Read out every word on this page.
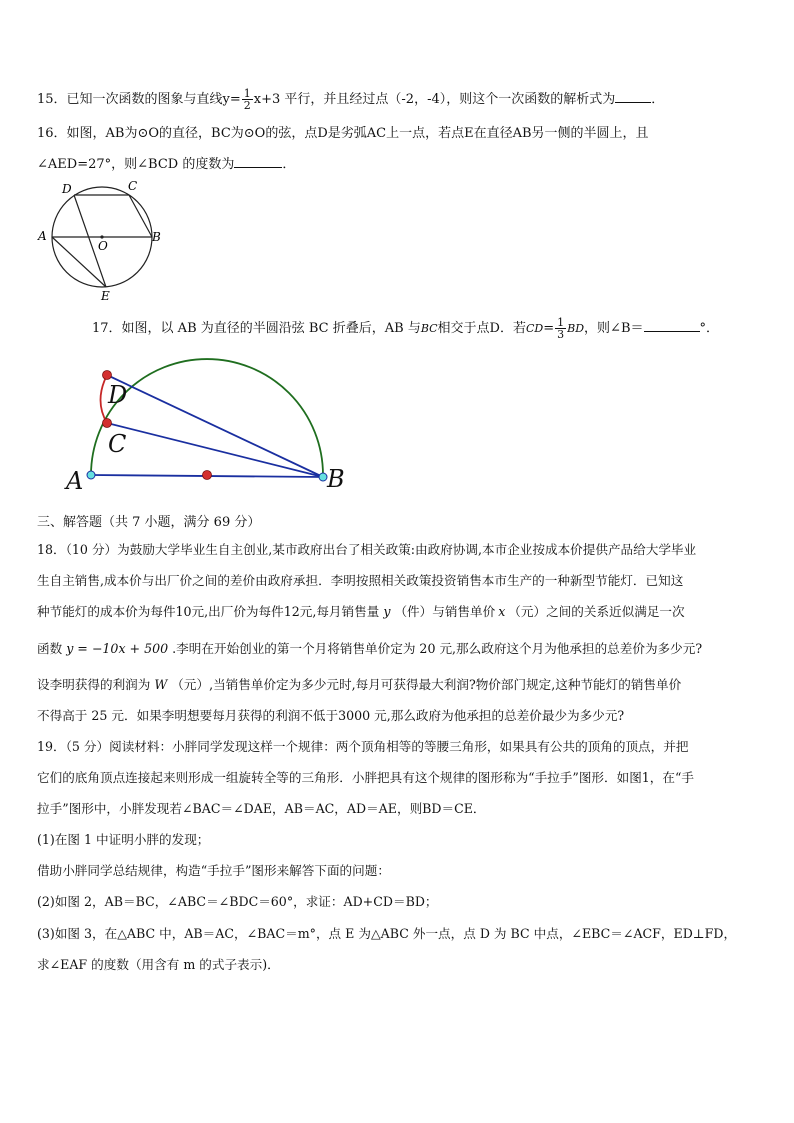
15．已知一次函数的图象与直线$y= \frac{1}{2} x+3$ 平行，并且经过点（-2，-4），则这个一次函数的解析式为	．
16．如图，AB为⊙O的直径，BC为⊙O的弦，点D是劣弧AC上一点，若点E在直径AB另一侧的半圆上，且
∠AED=27°，则∠BCD 的度数为	．
D	C
A
O
B
E
17．如图，以 AB 为直径的半圆沿弦 BC 折叠后，AB 与BC相交于点D．若$CD= \frac{1}{3}$ BD，则∠B＝	°．
D
C
A	B
三、解答题（共 7 小题，满分 69 分）
18．（10 分）为鼓励大学毕业生自主创业,某市政府出台了相关政策:由政府协调,本市企业按成本价提供产品给大学毕业
生自主销售,成本价与出厂价之间的差价由政府承担．李明按照相关政策投资销售本市生产的一种新型节能灯．已知这
种节能灯的成本价为每件10元,出厂价为每件12元,每月销售量 y （件）与销售单价 x （元）之间的关系近似满足一次
函数 y = −10x + 500 .李明在开始创业的第一个月将销售单价定为 20 元,那么政府这个月为他承担的总差价为多少元?
设李明获得的利润为 W （元）,当销售单价定为多少元时,每月可获得最大利润?物价部门规定,这种节能灯的销售单价
不得高于 25 元．如果李明想要每月获得的利润不低于3000 元,那么政府为他承担的总差价最少为多少元?
19．（5 分）阅读材料：小胖同学发现这样一个规律：两个顶角相等的等腰三角形，如果具有公共的顶角的顶点，并把
它们的底角顶点连接起来则形成一组旋转全等的三角形．小胖把具有这个规律的图形称为“手拉手”图形．如图1，在“手
拉手”图形中，小胖发现若∠BAC＝∠DAE，AB＝AC，AD＝AE，则BD＝CE．
(1)在图 1 中证明小胖的发现；
借助小胖同学总结规律，构造“手拉手”图形来解答下面的问题：
(2)如图 2，AB＝BC，∠ABC＝∠BDC＝60°，求证：AD+CD＝BD；
(3)如图 3，在△ABC 中，AB＝AC，∠BAC＝m°，点 E 为△ABC 外一点，点 D 为 BC 中点，∠EBC＝∠ACF，ED⊥FD，
求∠EAF 的度数（用含有 m 的式子表示)．
